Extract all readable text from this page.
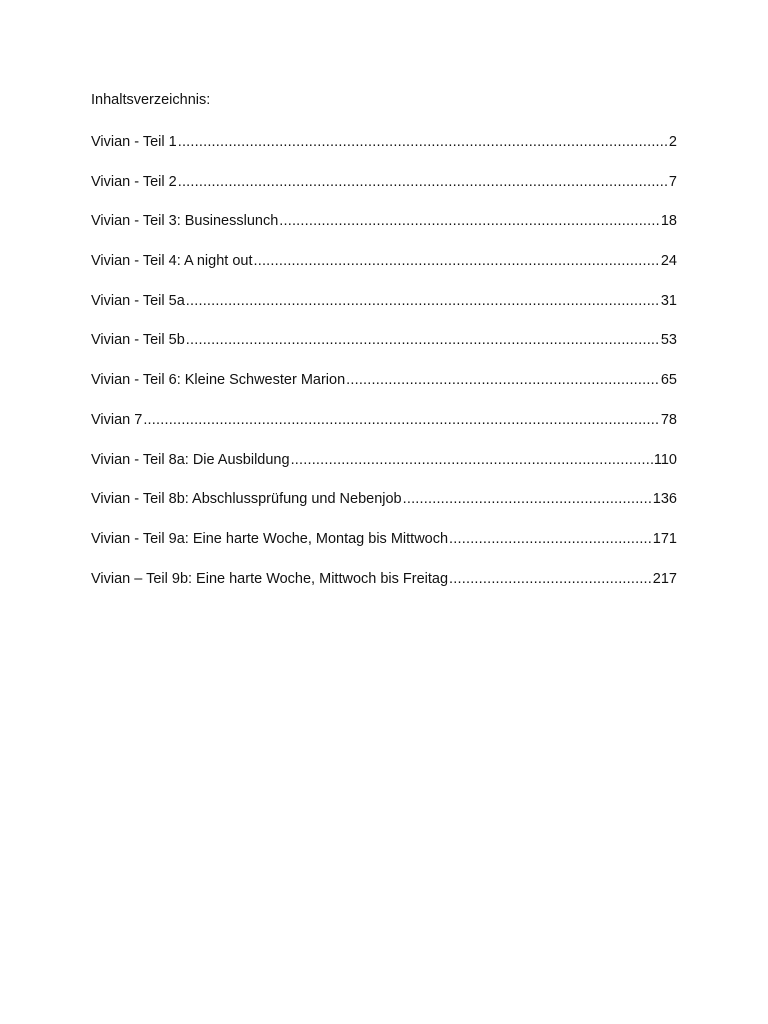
Inhaltsverzeichnis:
Vivian - Teil 1 .....	2
Vivian - Teil 2 .....	7
Vivian - Teil 3: Businesslunch .....	18
Vivian - Teil 4: A night out .....	24
Vivian - Teil 5a .....	31
Vivian - Teil 5b .....	53
Vivian - Teil 6: Kleine Schwester Marion .....	65
Vivian 7 .....	78
Vivian - Teil 8a: Die Ausbildung .....	110
Vivian - Teil 8b: Abschlussprüfung und Nebenjob .....	136
Vivian - Teil 9a: Eine harte Woche, Montag bis Mittwoch .....	171
Vivian – Teil 9b: Eine harte Woche, Mittwoch bis Freitag .....	217
